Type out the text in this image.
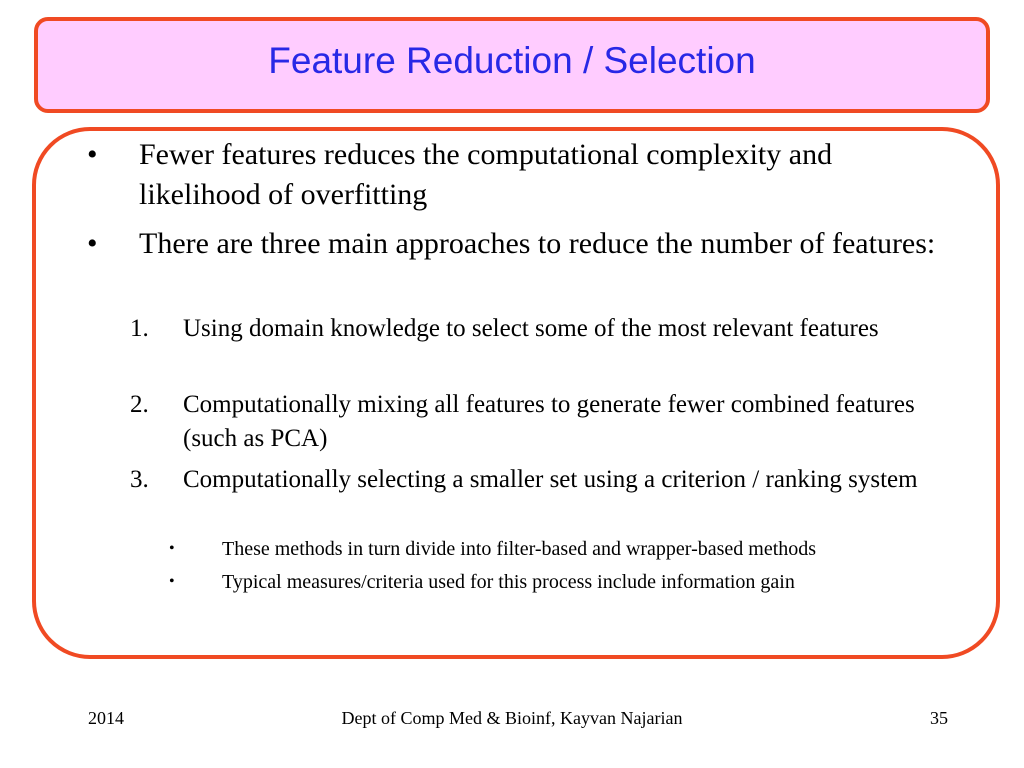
Feature Reduction / Selection
• Fewer features reduces the computational complexity and likelihood of overfitting
• There are three main approaches to reduce the number of features:
1. Using domain knowledge to select some of the most relevant features
2. Computationally mixing all features to generate fewer combined features (such as PCA)
3. Computationally selecting a smaller set using a criterion / ranking system
• These methods in turn divide into filter-based and wrapper-based methods
• Typical measures/criteria used for this process include information gain
2014	Dept of Comp Med & Bioinf, Kayvan Najarian	35
